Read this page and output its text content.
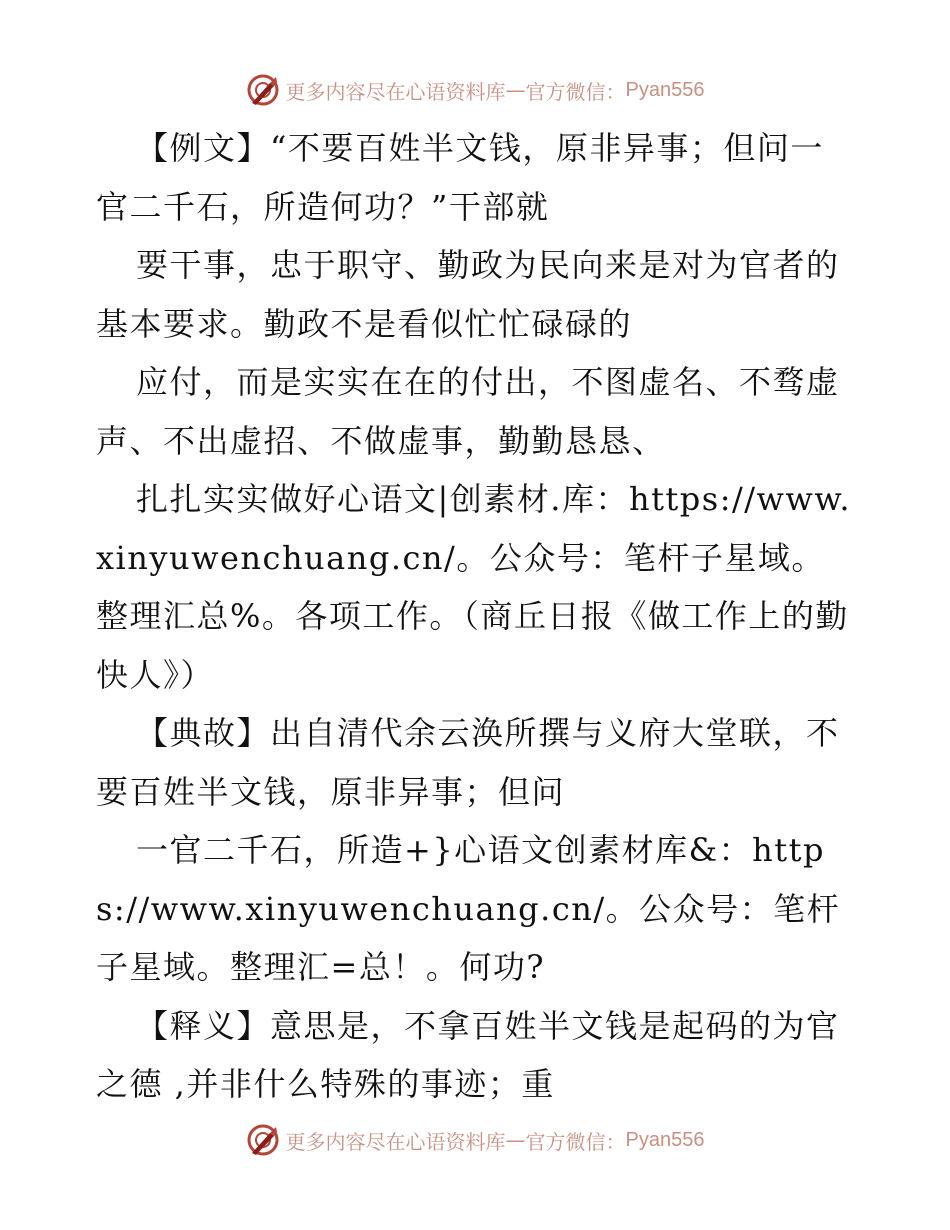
更多内容尽在心语资料库 — 官方微信： Pyan556

【例文】“不要百姓半文钱，原非异事；但问一官二千石，所造何功？”干部就

要干事，忠于职守、勤政为民向来是对为官者的基本要求。勤政不是看似忙忙碌碌的

应付，而是实实在在的付出，不图虚名、不骛虚声、不出虚招、不做虚事，勤勤恳恳、

扎扎实实做好心语文|创素材.库：https://www.xinyuwenchuang.cn/。公众号：笔杆子星域。整理汇总%。各项工作。（商丘日报《做工作上的勤快人》）

【典故】出自清代余云涣所撰与义府大堂联，不要百姓半文钱，原非异事；但问

一官二千石，所造+}心语文创素材库&：https://www.xinyuwenchuang.cn/。公众号：笔杆子星域。整理汇=总！。何功?

【释义】意思是，不拿百姓半文钱是起码的为官之德 ,并非什么特殊的事迹；重

更多内容尽在心语资料库 — 官方微信： Pyan556
